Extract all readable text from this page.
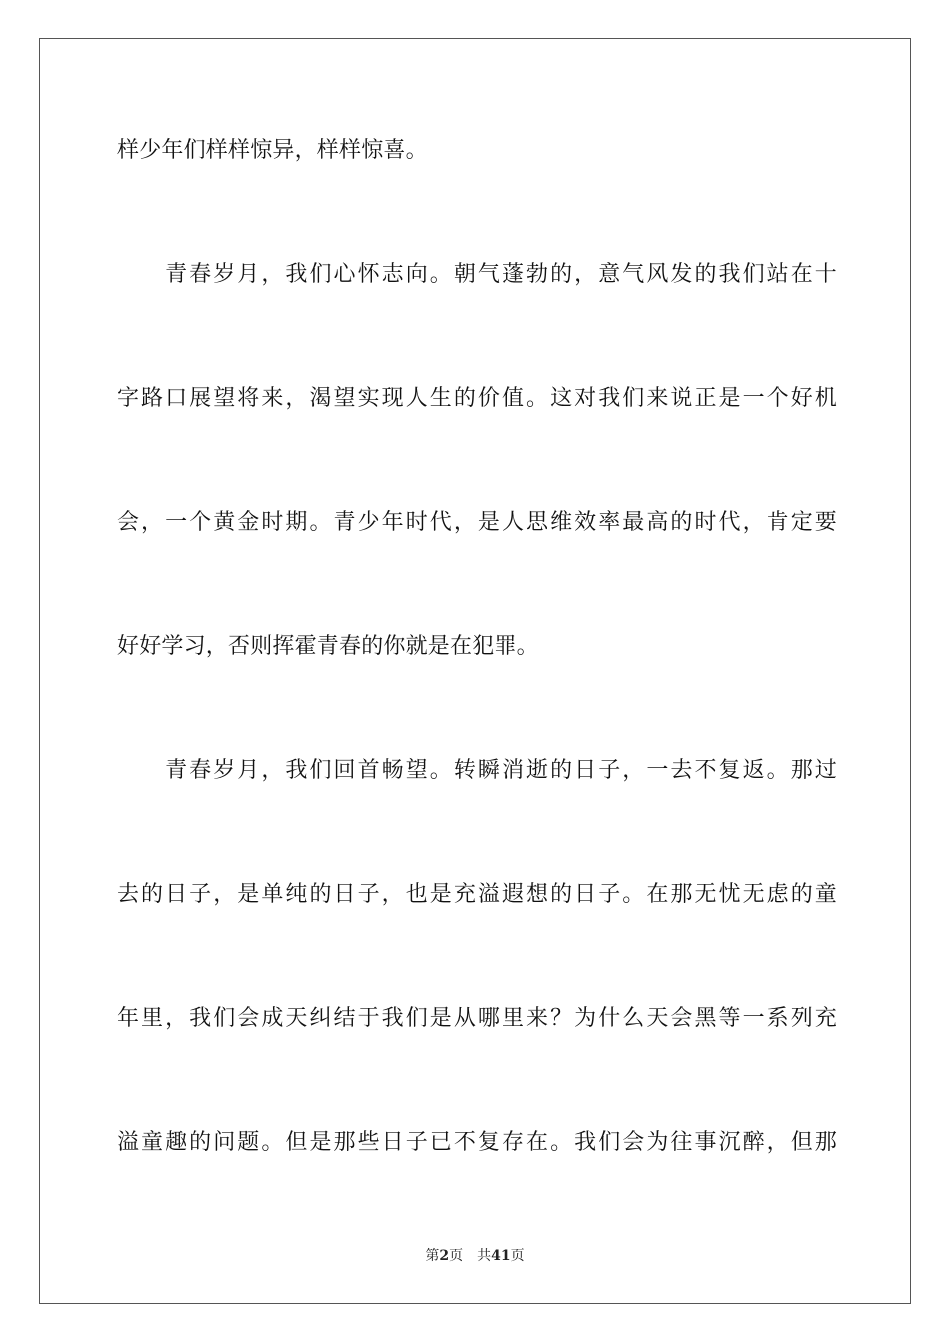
样少年们样样惊异，样样惊喜。
　　青春岁月，我们心怀志向。朝气蓬勃的，意气风发的我们站在十
字路口展望将来，渴望实现人生的价值。这对我们来说正是一个好机
会，一个黄金时期。青少年时代，是人思维效率最高的时代，肯定要
好好学习，否则挥霍青春的你就是在犯罪。
　　青春岁月，我们回首畅望。转瞬消逝的日子，一去不复返。那过
去的日子，是单纯的日子，也是充溢遐想的日子。在那无忧无虑的童
年里，我们会成天纠结于我们是从哪里来？为什么天会黑等一系列充
溢童趣的问题。但是那些日子已不复存在。我们会为往事沉醉，但那
第2页 共41页
